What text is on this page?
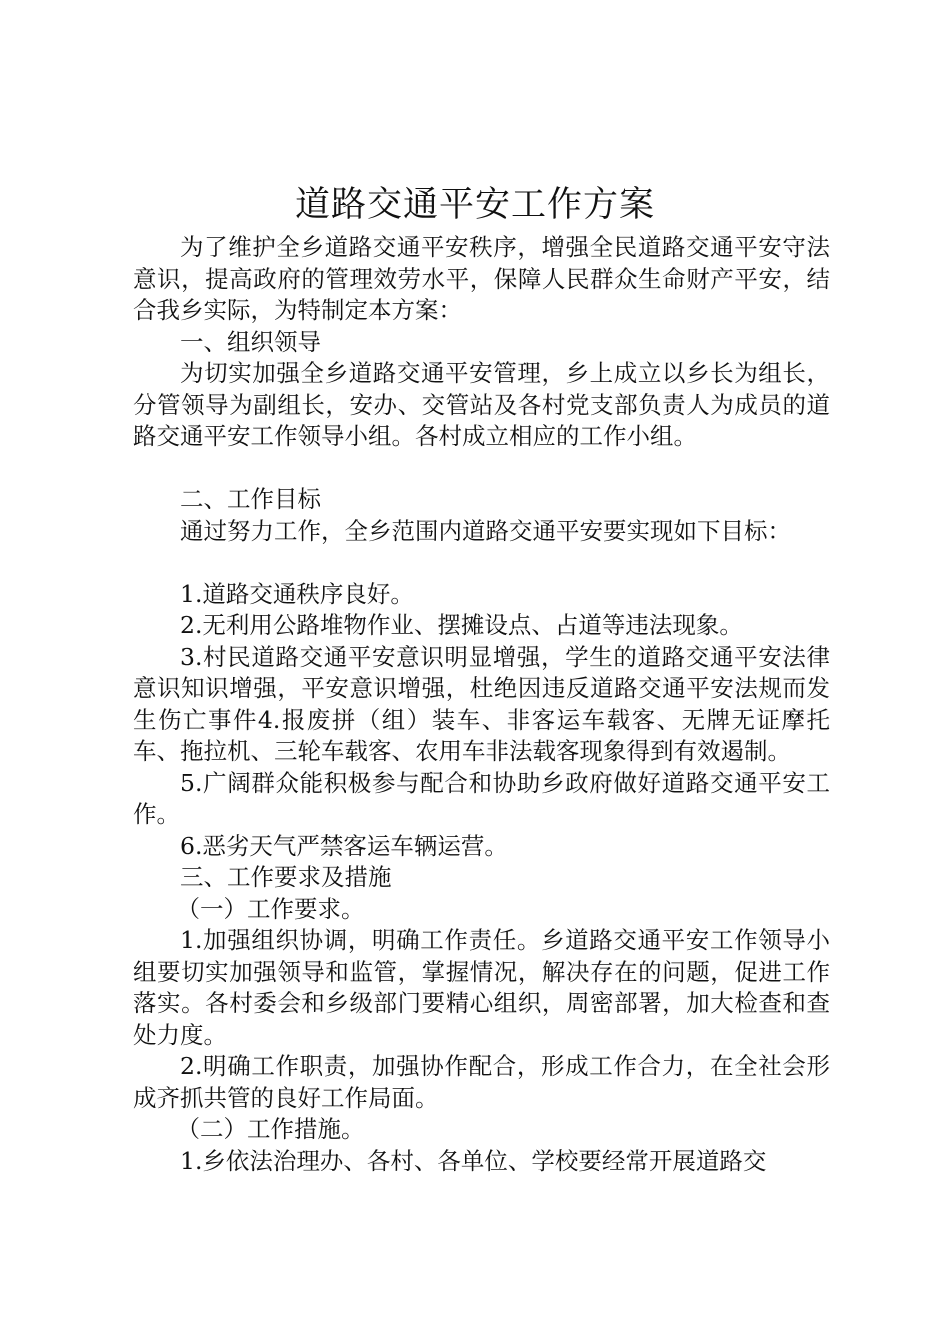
道路交通平安工作方案

为了维护全乡道路交通平安秩序，增强全民道路交通平安守法意识，提高政府的管理效劳水平，保障人民群众生命财产平安，结合我乡实际，为特制定本方案：

一、组织领导

为切实加强全乡道路交通平安管理，乡上成立以乡长为组长，分管领导为副组长，安办、交管站及各村党支部负责人为成员的道路交通平安工作领导小组。各村成立相应的工作小组。

二、工作目标

通过努力工作，全乡范围内道路交通平安要实现如下目标：

1.道路交通秩序良好。

2.无利用公路堆物作业、摆摊设点、占道等违法现象。

3.村民道路交通平安意识明显增强，学生的道路交通平安法律意识知识增强，平安意识增强，杜绝因违反道路交通平安法规而发生伤亡事件4.报废拼（组）装车、非客运车载客、无牌无证摩托车、拖拉机、三轮车载客、农用车非法载客现象得到有效遏制。

5.广阔群众能积极参与配合和协助乡政府做好道路交通平安工作。

6.恶劣天气严禁客运车辆运营。

三、工作要求及措施

（一）工作要求。

1.加强组织协调，明确工作责任。乡道路交通平安工作领导小组要切实加强领导和监管，掌握情况，解决存在的问题，促进工作落实。各村委会和乡级部门要精心组织，周密部署，加大检查和查处力度。

2.明确工作职责，加强协作配合，形成工作合力，在全社会形成齐抓共管的良好工作局面。

（二）工作措施。

1.乡依法治理办、各村、各单位、学校要经常开展道路交
